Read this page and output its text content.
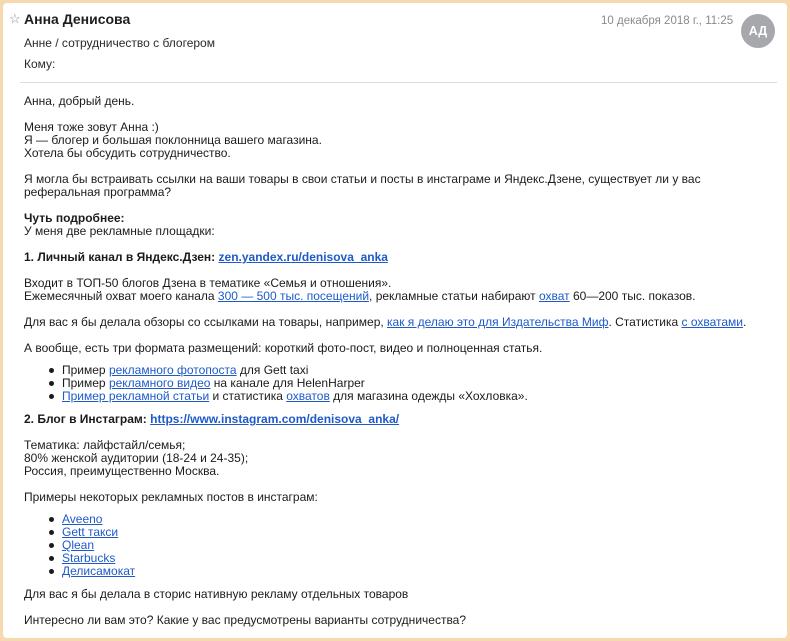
☆ Анна Денисова	10 декабря 2018 г., 11:25
АД
Анне / сотрудничество с блогером
Кому:

Анна, добрый день.

Меня тоже зовут Анна :)
Я — блогер и большая поклонница вашего магазина.
Хотела бы обсудить сотрудничество.

Я могла бы встраивать ссылки на ваши товары в свои статьи и посты в инстаграме и Яндекс.Дзене, существует ли у вас реферальная программа?

Чуть подробнее:
У меня две рекламные площадки:

1. Личный канал в Яндекс.Дзен: zen.yandex.ru/denisova_anka

Входит в ТОП-50 блогов Дзена в тематике «Семья и отношения».
Ежемесячный охват моего канала 300 — 500 тыс. посещений, рекламные статьи набирают охват 60—200 тыс. показов.

Для вас я бы делала обзоры со ссылками на товары, например, как я делаю это для Издательства Миф. Статистика с охватами.

А вообще, есть три формата размещений: короткий фото-пост, видео и полноценная статья.

Пример рекламного фотопоста для Gett taxi
Пример рекламного видео на канале для HelenHarper
Пример рекламной статьи и статистика охватов для магазина одежды «Хохловка».

2. Блог в Инстаграм: https://www.instagram.com/denisova_anka/

Тематика: лайфстайл/семья;
80% женской аудитории (18-24 и 24-35);
Россия, преимущественно Москва.

Примеры некоторых рекламных постов в инстаграм:

Aveeno
Gett такси
Qlean
Starbucks
Делисамокат

Для вас я бы делала в сторис нативную рекламу отдельных товаров

Интересно ли вам это? Какие у вас предусмотрены варианты сотрудничества?
